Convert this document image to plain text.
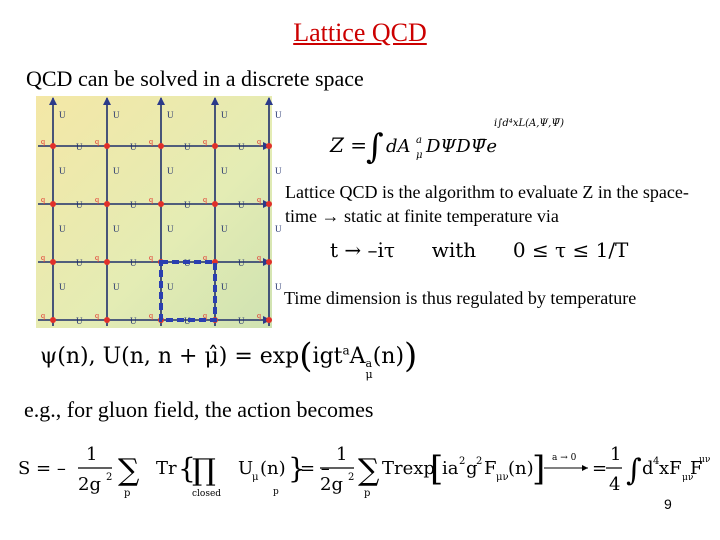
Lattice QCD
QCD can be solved in a discrete space
U	U	U	U
U	U	U	U
U	U	U	U
U	U	U	U
U	U	U	U	U
U	U	U	U	U
U	U	U	U	U
U	U	U	U	U
q	q	q	q	q
q	q	q	q	q
q	q	q	q	q
q	q	q	q	q
Z =
∫ dA a
μ DΨDΨ̄e
i∫d⁴xL(A,Ψ,Ψ̄)
Lattice QCD is the algorithm to evaluate Z in the space-time → static at finite temperature via
t → –iτ with 0 ≤ τ ≤ 1/T
Time dimension is thus regulated by temperature
ψ(n), U(n, n + μ̂) = exp(igt$^a$A a
μ
(n))
e.g., for gluon field, the action becomes
S = –
1
2g 2 ∑
p
Tr {
∏
closed
U
μ (n) }
p
= –
1
2g 2 ∑
p
Trexp
[
ia 2 g
2 F μν (n)
] a → 0 =
1
4 ∫ d 4 xF μν
F
μν
9
